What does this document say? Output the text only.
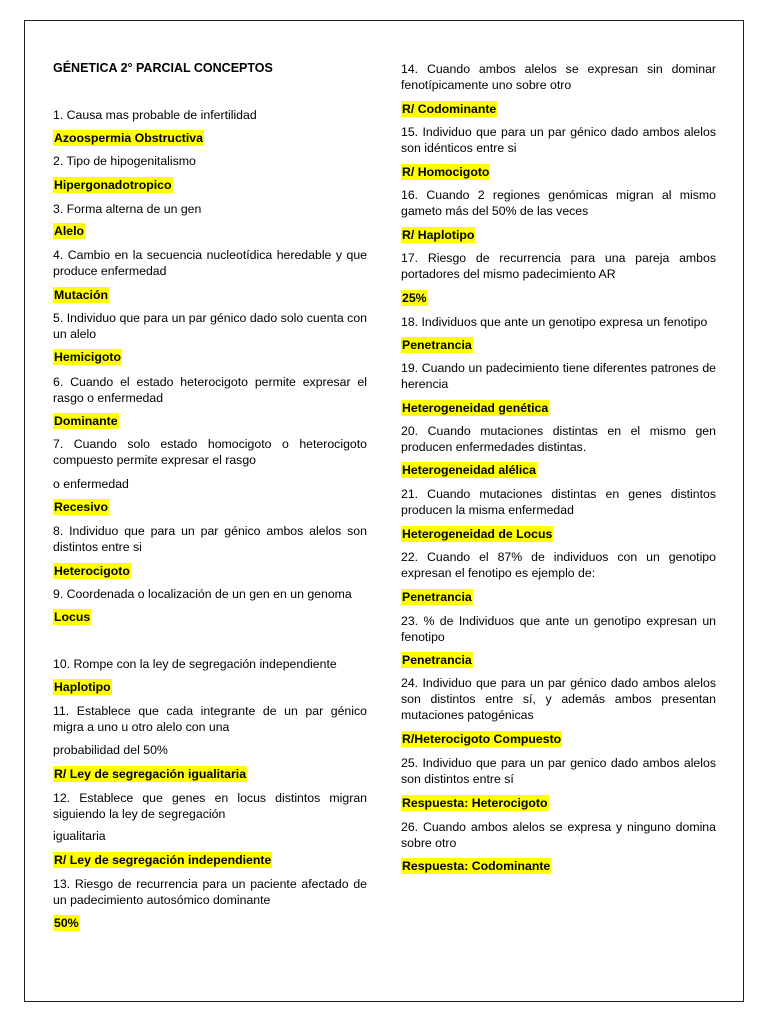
GÉNETICA 2° PARCIAL CONCEPTOS
1. Causa mas probable de infertilidad
Azoospermia Obstructiva
2. Tipo de hipogenitalismo
Hipergonadotropico
3. Forma alterna de un gen
Alelo
4. Cambio en la secuencia nucleotídica heredable y que produce enfermedad
Mutación
5. Individuo que para un par génico dado solo cuenta con un alelo
Hemicigoto
6. Cuando el estado heterocigoto permite expresar el rasgo o enfermedad
Dominante
7. Cuando solo estado homocigoto o heterocigoto compuesto permite expresar el rasgo
o enfermedad
Recesivo
8. Individuo que para un par génico ambos alelos son distintos entre si
Heterocigoto
9. Coordenada o localización de un gen en un genoma
Locus
10. Rompe con la ley de segregación independiente
Haplotipo
11. Establece que cada integrante de un par génico migra a uno u otro alelo con una
probabilidad del 50%
R/ Ley de segregación igualitaria
12. Establece que genes en locus distintos migran siguiendo la ley de segregación
igualitaria
R/ Ley de segregación independiente
13. Riesgo de recurrencia para un paciente afectado de un padecimiento autosómico dominante
50%
14. Cuando ambos alelos se expresan sin dominar fenotípicamente uno sobre otro
R/ Codominante
15. Individuo que para un par génico dado ambos alelos son idénticos entre si
R/ Homocigoto
16. Cuando 2 regiones genómicas migran al mismo gameto más del 50% de las veces
R/ Haplotipo
17. Riesgo de recurrencia para una pareja ambos portadores del mismo padecimiento AR
25%
18. Individuos que ante un genotipo expresa un fenotipo
Penetrancia
19. Cuando un padecimiento tiene diferentes patrones de herencia
Heterogeneidad genética
20. Cuando mutaciones distintas en el mismo gen producen enfermedades distintas.
Heterogeneidad alélica
21. Cuando mutaciones distintas en genes distintos producen la misma enfermedad
Heterogeneidad de Locus
22. Cuando el 87% de individuos con un genotipo expresan el fenotipo es ejemplo de:
Penetrancia
23. % de Individuos que ante un genotipo expresan un fenotipo
Penetrancia
24. Individuo que para un par génico dado ambos alelos son distintos entre sí, y además ambos presentan mutaciones patogénicas
R/Heterocigoto Compuesto
25. Individuo que para un par genico dado ambos alelos son distintos entre sí
Respuesta: Heterocigoto
26. Cuando ambos alelos se expresa y ninguno domina sobre otro
Respuesta: Codominante
